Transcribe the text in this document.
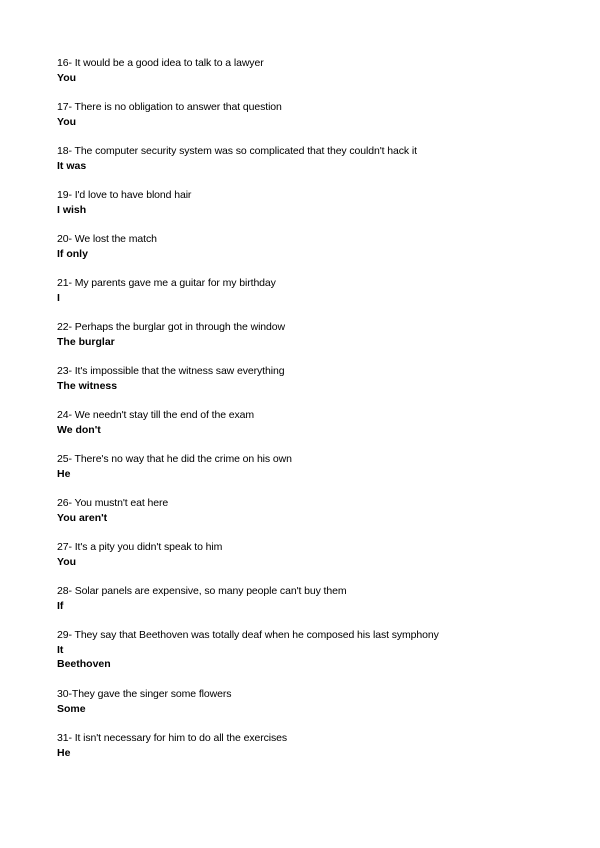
16- It would be a good idea to talk to a lawyer
You
17- There is no obligation to answer that question
You
18- The computer security system was so complicated that they couldn't hack it
It was
19- I'd love to have blond hair
I wish
20- We lost the match
If only
21- My parents gave me a guitar for my birthday
I
22- Perhaps the burglar got in through the window
The burglar
23- It's impossible that the witness saw everything
The witness
24- We needn't stay till the end of the exam
We don't
25- There's no way that he did the crime on his own
He
26- You mustn't eat here
You aren't
27- It's a pity you didn't speak to him
You
28- Solar panels are expensive, so many people can't buy them
If
29- They say that Beethoven was totally deaf when he composed his last symphony
It
Beethoven
30-They gave the singer some flowers
Some
31- It isn't necessary for him to do all the exercises
He
